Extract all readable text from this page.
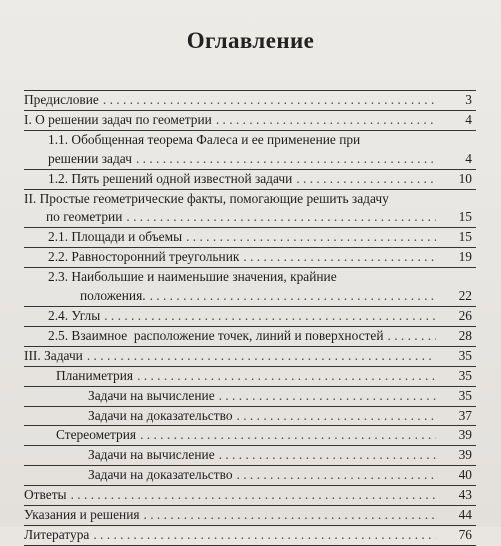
Оглавление
Предисловие . . .	3
I. О решении задач по геометрии . . .	4
1.1. Обобщенная теорема Фалеса и ее применение при
решении задач . . .	4
1.2. Пять решений одной известной задачи . . .	10
II. Простые геометрические факты, помогающие решить задачу
по геометрии . . .	15
2.1. Площади и объемы . . .	15
2.2. Равносторонний треугольник . . .	19
2.3. Наибольшие и наименьшие значения, крайние
положения. . . .	22
2.4. Углы . . .	26
2.5. Взаимное  расположение точек, линий и поверхностей . . .	28
III. Задачи . . .	35
Планиметрия . . .	35
Задачи на вычисление . . .	35
Задачи на доказательство . . .	37
Стереометрия . . .	39
Задачи на вычисление . . .	39
Задачи на доказательство . . .	40
Ответы . . .	43
Указания и решения . . .	44
Литература . . .	76
